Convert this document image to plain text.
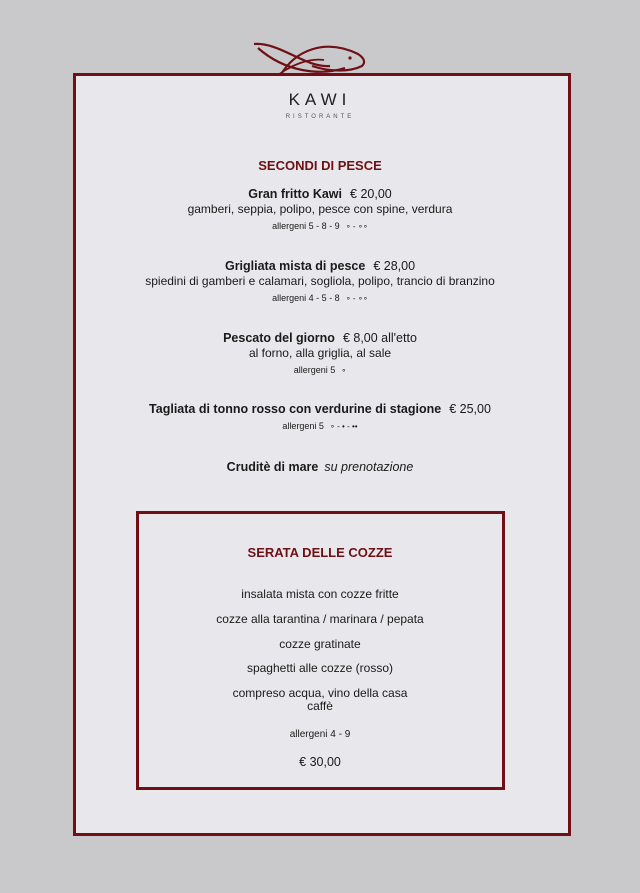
KAWI
RISTORANTE
SECONDI DI PESCE
Gran fritto Kawi € 20,00
gamberi, seppia, polipo, pesce con spine, verdura
allergeni 5 - 8 - 9 ∘ - ∘∘
Grigliata mista di pesce € 28,00
spiedini di gamberi e calamari, sogliola, polipo, trancio di branzino
allergeni 4 - 5 - 8 ∘ - ∘∘
Pescato del giorno € 8,00 all'etto
al forno, alla griglia, al sale
allergeni 5 ∘
Tagliata di tonno rosso con verdurine di stagione € 25,00
allergeni 5 ∘ - • - ••
Cruditè di mare su prenotazione
SERATA DELLE COZZE
insalata mista con cozze fritte
cozze alla tarantina / marinara / pepata
cozze gratinate
spaghetti alle cozze (rosso)
compreso acqua, vino della casa
caffè
allergeni 4 - 9
€ 30,00
